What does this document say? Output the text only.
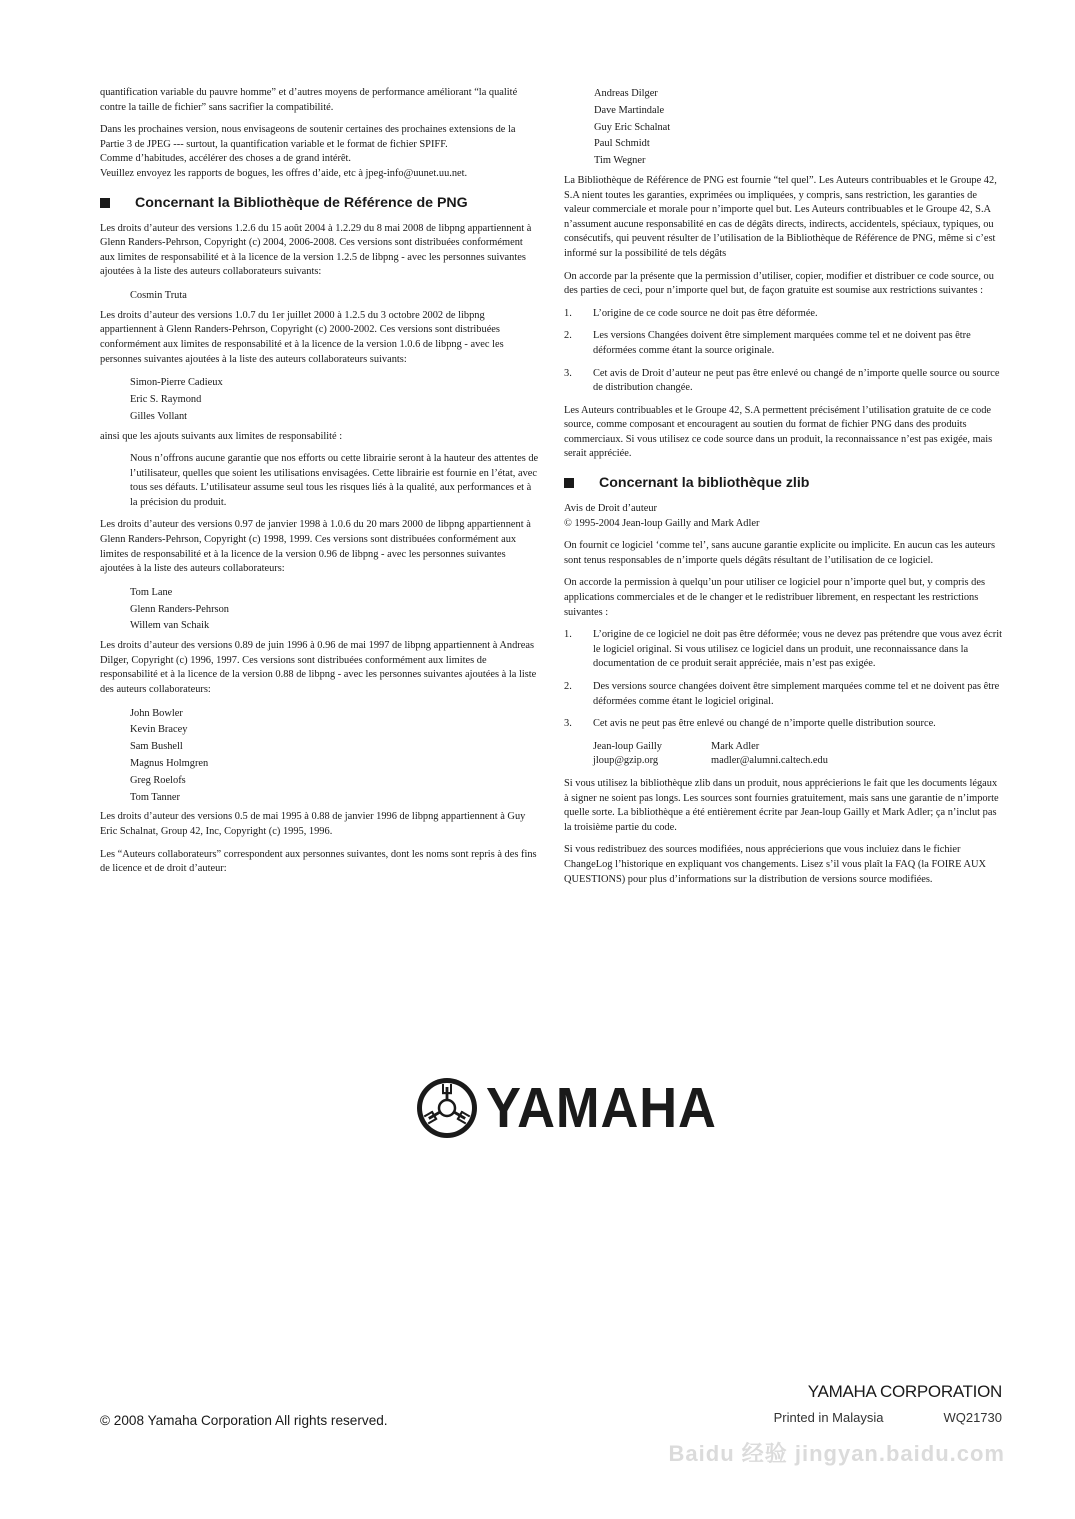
quantification variable du pauvre homme” et d’autres moyens de performance améliorant “la qualité contre la taille de fichier” sans sacrifier la compatibilité.

Dans les prochaines version, nous envisageons de soutenir certaines des prochaines extensions de la Partie 3 de JPEG --- surtout, la quantification variable et le format de fichier SPIFF.

Comme d’habitudes, accélérer des choses a de grand intérêt.

Veuillez envoyez les rapports de bogues, les offres d’aide, etc à jpeg-info@uunet.uu.net.

Concernant la Bibliothèque de Référence de PNG

Les droits d’auteur des versions 1.2.6 du 15 août 2004 à 1.2.29 du 8 mai 2008 de libpng appartiennent à Glenn Randers-Pehrson, Copyright (c) 2004, 2006-2008. Ces versions sont distribuées conformément aux limites de responsabilité et à la licence de la version 1.2.5 de libpng - avec les personnes suivantes ajoutées à la liste des auteurs collaborateurs suivants:

Cosmin Truta

Les droits d’auteur des versions 1.0.7 du 1er juillet 2000 à 1.2.5 du 3 octobre 2002 de libpng appartiennent à Glenn Randers-Pehrson, Copyright (c) 2000-2002. Ces versions sont distribuées conformément aux limites de responsabilité et à la licence de la version 1.0.6 de libpng - avec les personnes suivantes ajoutées à la liste des auteurs collaborateurs suivants:

Simon-Pierre Cadieux
Eric S. Raymond
Gilles Vollant

ainsi que les ajouts suivants aux limites de responsabilité :

Nous n’offrons aucune garantie que nos efforts ou cette librairie seront à la hauteur des attentes de l’utilisateur, quelles que soient les utilisations envisagées. Cette librairie est fournie en l’état, avec tous ses défauts. L’utilisateur assume seul tous les risques liés à la qualité, aux performances et à la précision du produit.

Les droits d’auteur des versions 0.97 de janvier 1998 à 1.0.6 du 20 mars 2000 de libpng appartiennent à Glenn Randers-Pehrson, Copyright (c) 1998, 1999. Ces versions sont distribuées conformément aux limites de responsabilité et à la licence de la version 0.96 de libpng - avec les personnes suivantes ajoutées à la liste des auteurs collaborateurs:

Tom Lane
Glenn Randers-Pehrson
Willem van Schaik

Les droits d’auteur des versions 0.89 de juin 1996 à 0.96 de mai 1997 de libpng appartiennent à Andreas Dilger, Copyright (c) 1996, 1997. Ces versions sont distribuées conformément aux limites de responsabilité et à la licence de la version 0.88 de libpng - avec les personnes suivantes ajoutées à la liste des auteurs collaborateurs:

John Bowler
Kevin Bracey
Sam Bushell
Magnus Holmgren
Greg Roelofs
Tom Tanner

Les droits d’auteur des versions 0.5 de mai 1995 à 0.88 de janvier 1996 de libpng appartiennent à Guy Eric Schalnat, Group 42, Inc, Copyright (c) 1995, 1996.

Les “Auteurs collaborateurs” correspondent aux personnes suivantes, dont les noms sont repris à des fins de licence et de droit d’auteur:

Andreas Dilger
Dave Martindale
Guy Eric Schalnat
Paul Schmidt
Tim Wegner

La Bibliothèque de Référence de PNG est fournie “tel quel”. Les Auteurs contribuables et le Groupe 42, S.A nient toutes les garanties, exprimées ou impliquées, y compris, sans restriction, les garanties de valeur commerciale et morale pour n’importe quel but. Les Auteurs contribuables et le Groupe 42, S.A n’assument aucune responsabilité en cas de dégâts directs, indirects, accidentels, spéciaux, typiques, ou consécutifs, qui peuvent résulter de l’utilisation de la Bibliothèque de Référence de PNG, même si c’est informé sur la possibilité de tels dégâts

On accorde par la présente que la permission d’utiliser, copier, modifier et distribuer ce code source, ou des parties de ceci, pour n’importe quel but, de façon gratuite est soumise aux restrictions suivantes :

1. L’origine de ce code source ne doit pas être déformée.
2. Les versions Changées doivent être simplement marquées comme tel et ne doivent pas être déformées comme étant la source originale.
3. Cet avis de Droit d’auteur ne peut pas être enlevé ou changé de n’importe quelle source ou source de distribution changée.

Les Auteurs contribuables et le Groupe 42, S.A permettent précisément l’utilisation gratuite de ce code source, comme composant et encouragent au soutien du format de fichier PNG dans des produits commerciaux. Si vous utilisez ce code source dans un produit, la reconnaissance n’est pas exigée, mais serait appréciée.

Concernant la bibliothèque zlib

Avis de Droit d’auteur

© 1995-2004 Jean-loup Gailly and Mark Adler

On fournit ce logiciel ‘comme tel’, sans aucune garantie explicite ou implicite. En aucun cas les auteurs sont tenus responsables de n’importe quels dégâts résultant de l’utilisation de ce logiciel.

On accorde la permission à quelqu’un pour utiliser ce logiciel pour n’importe quel but, y compris des applications commerciales et de le changer et le redistribuer librement, en respectant les restrictions suivantes :

1. L’origine de ce logiciel ne doit pas être déformée; vous ne devez pas prétendre que vous avez écrit le logiciel original. Si vous utilisez ce logiciel dans un produit, une reconnaissance dans la documentation de ce produit serait appréciée, mais n’est pas exigée.
2. Des versions source changées doivent être simplement marquées comme tel et ne doivent pas être déformées comme étant le logiciel original.
3. Cet avis ne peut pas être enlevé ou changé de n’importe quelle distribution source.
Jean-loup Gailly	Mark Adler
jloup@gzip.org	madler@alumni.caltech.edu

Si vous utilisez la bibliothèque zlib dans un produit, nous apprécierions le fait que les documents légaux à signer ne soient pas longs. Les sources sont fournies gratuitement, mais sans une garantie de n’importe quelle sorte. La bibliothèque a été entièrement écrite par Jean-loup Gailly et Mark Adler; ça n’inclut pas la troisième partie du code.

Si vous redistribuez des sources modifiées, nous apprécierions que vous incluiez dans le fichier ChangeLog l’historique en expliquant vos changements. Lisez s’il vous plaît la FAQ (la FOIRE AUX QUESTIONS) pour plus d’informations sur la distribution de versions source modifiées.

YAMAHA
© 2008 Yamaha Corporation All rights reserved.
YAMAHA CORPORATION
Printed in Malaysia	WQ21730
Baidu 经验 jingyan.baidu.com
